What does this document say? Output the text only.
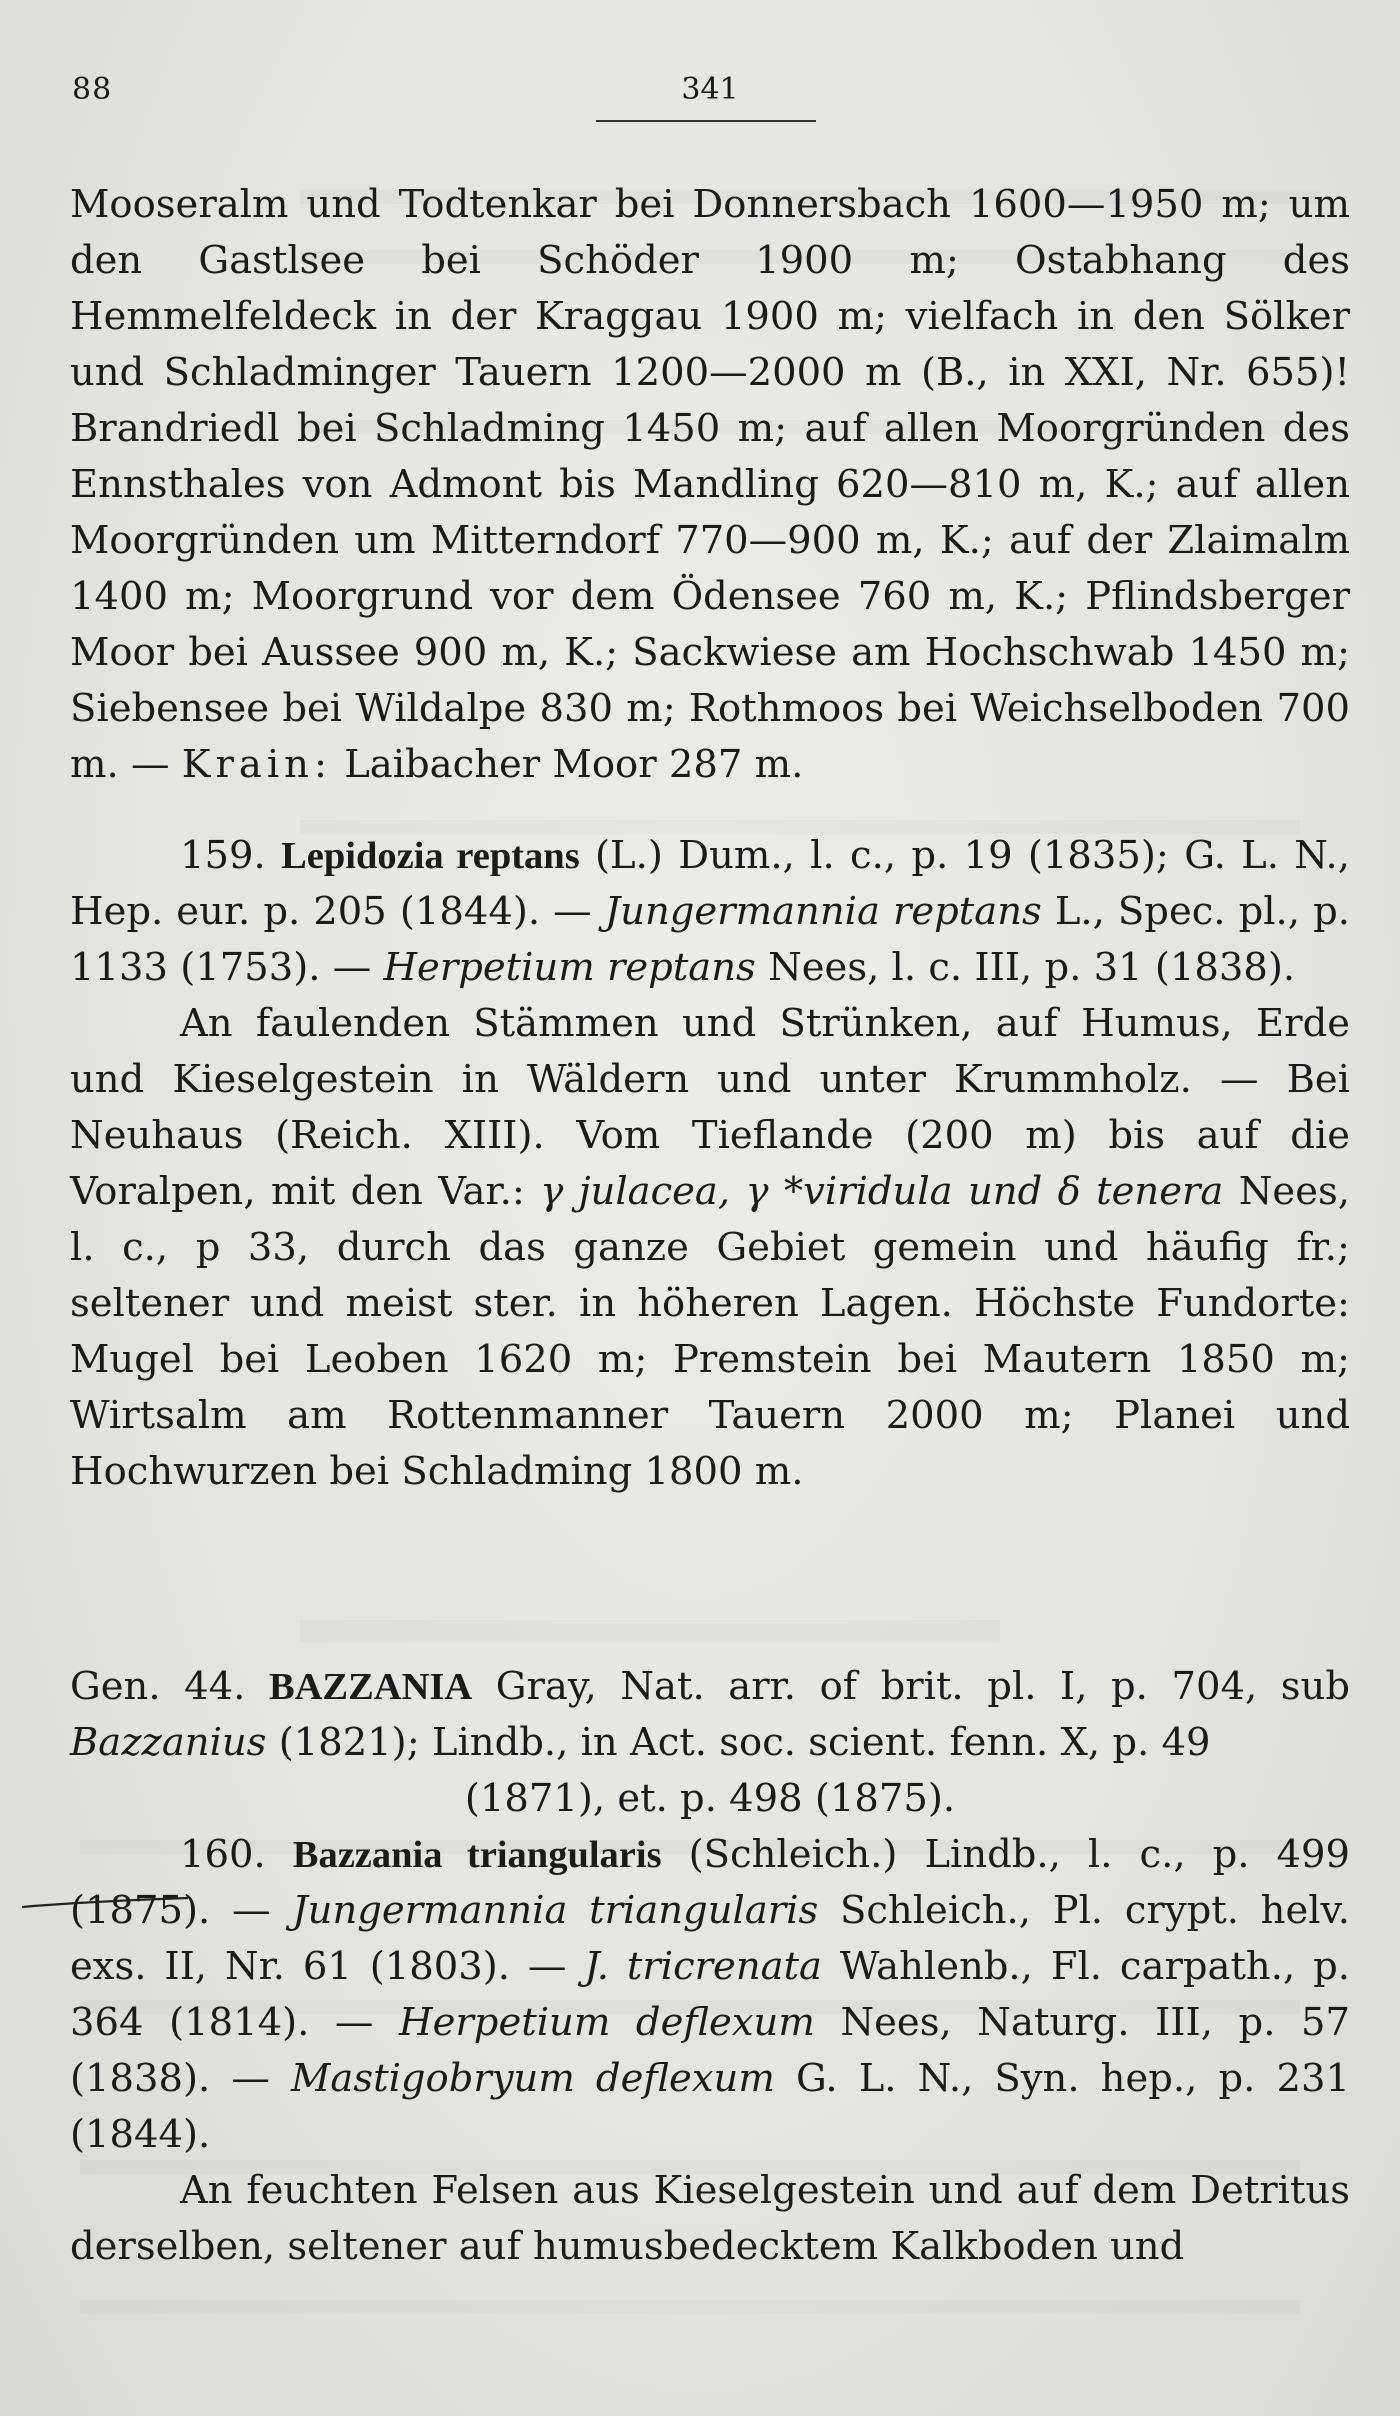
88	341

Mooseralm und Todtenkar bei Donnersbach 1600—1950 m; um den Gastlsee bei Schöder 1900 m; Ostabhang des Hemmelfeldeck in der Kraggau 1900 m; vielfach in den Sölker und Schladminger Tauern 1200—2000 m (B., in XXI, Nr. 655)! Brandriedl bei Schladming 1450 m; auf allen Moorgründen des Ennsthales von Admont bis Mandling 620—810 m, K.; auf allen Moorgründen um Mitterndorf 770—900 m, K.; auf der Zlaimalm 1400 m; Moorgrund vor dem Ödensee 760 m, K.; Pflindsberger Moor bei Aussee 900 m, K.; Sackwiese am Hochschwab 1450 m; Siebensee bei Wildalpe 830 m; Rothmoos bei Weichselboden 700 m. — Krain: Laibacher Moor 287 m.

159. Lepidozia reptans (L.) Dum., l. c., p. 19 (1835); G. L. N., Hep. eur. p. 205 (1844). — Jungermannia reptans L., Spec. pl., p. 1133 (1753). — Herpetium reptans Nees, l. c. III, p. 31 (1838).

An faulenden Stämmen und Strünken, auf Humus, Erde und Kieselgestein in Wäldern und unter Krummholz. — Bei Neuhaus (Reich. XIII). Vom Tieflande (200 m) bis auf die Voralpen, mit den Var.: γ julacea, γ *viridula und δ tenera Nees, l. c., p 33, durch das ganze Gebiet gemein und häufig fr.; seltener und meist ster. in höheren Lagen. Höchste Fundorte: Mugel bei Leoben 1620 m; Premstein bei Mautern 1850 m; Wirtsalm am Rottenmanner Tauern 2000 m; Planei und Hochwurzen bei Schladming 1800 m.

Gen. 44. BAZZANIA Gray, Nat. arr. of brit. pl. I, p. 704, sub Bazzanius (1821); Lindb., in Act. soc. scient. fenn. X, p. 49

(1871), et. p. 498 (1875).

160. Bazzania triangularis (Schleich.) Lindb., l. c., p. 499 (1875). — Jungermannia triangularis Schleich., Pl. crypt. helv. exs. II, Nr. 61 (1803). — J. tricrenata Wahlenb., Fl. carpath., p. 364 (1814). — Herpetium deflexum Nees, Naturg. III, p. 57 (1838). — Mastigobryum deflexum G. L. N., Syn. hep., p. 231 (1844).

An feuchten Felsen aus Kieselgestein und auf dem Detritus derselben, seltener auf humusbedecktem Kalkboden und
